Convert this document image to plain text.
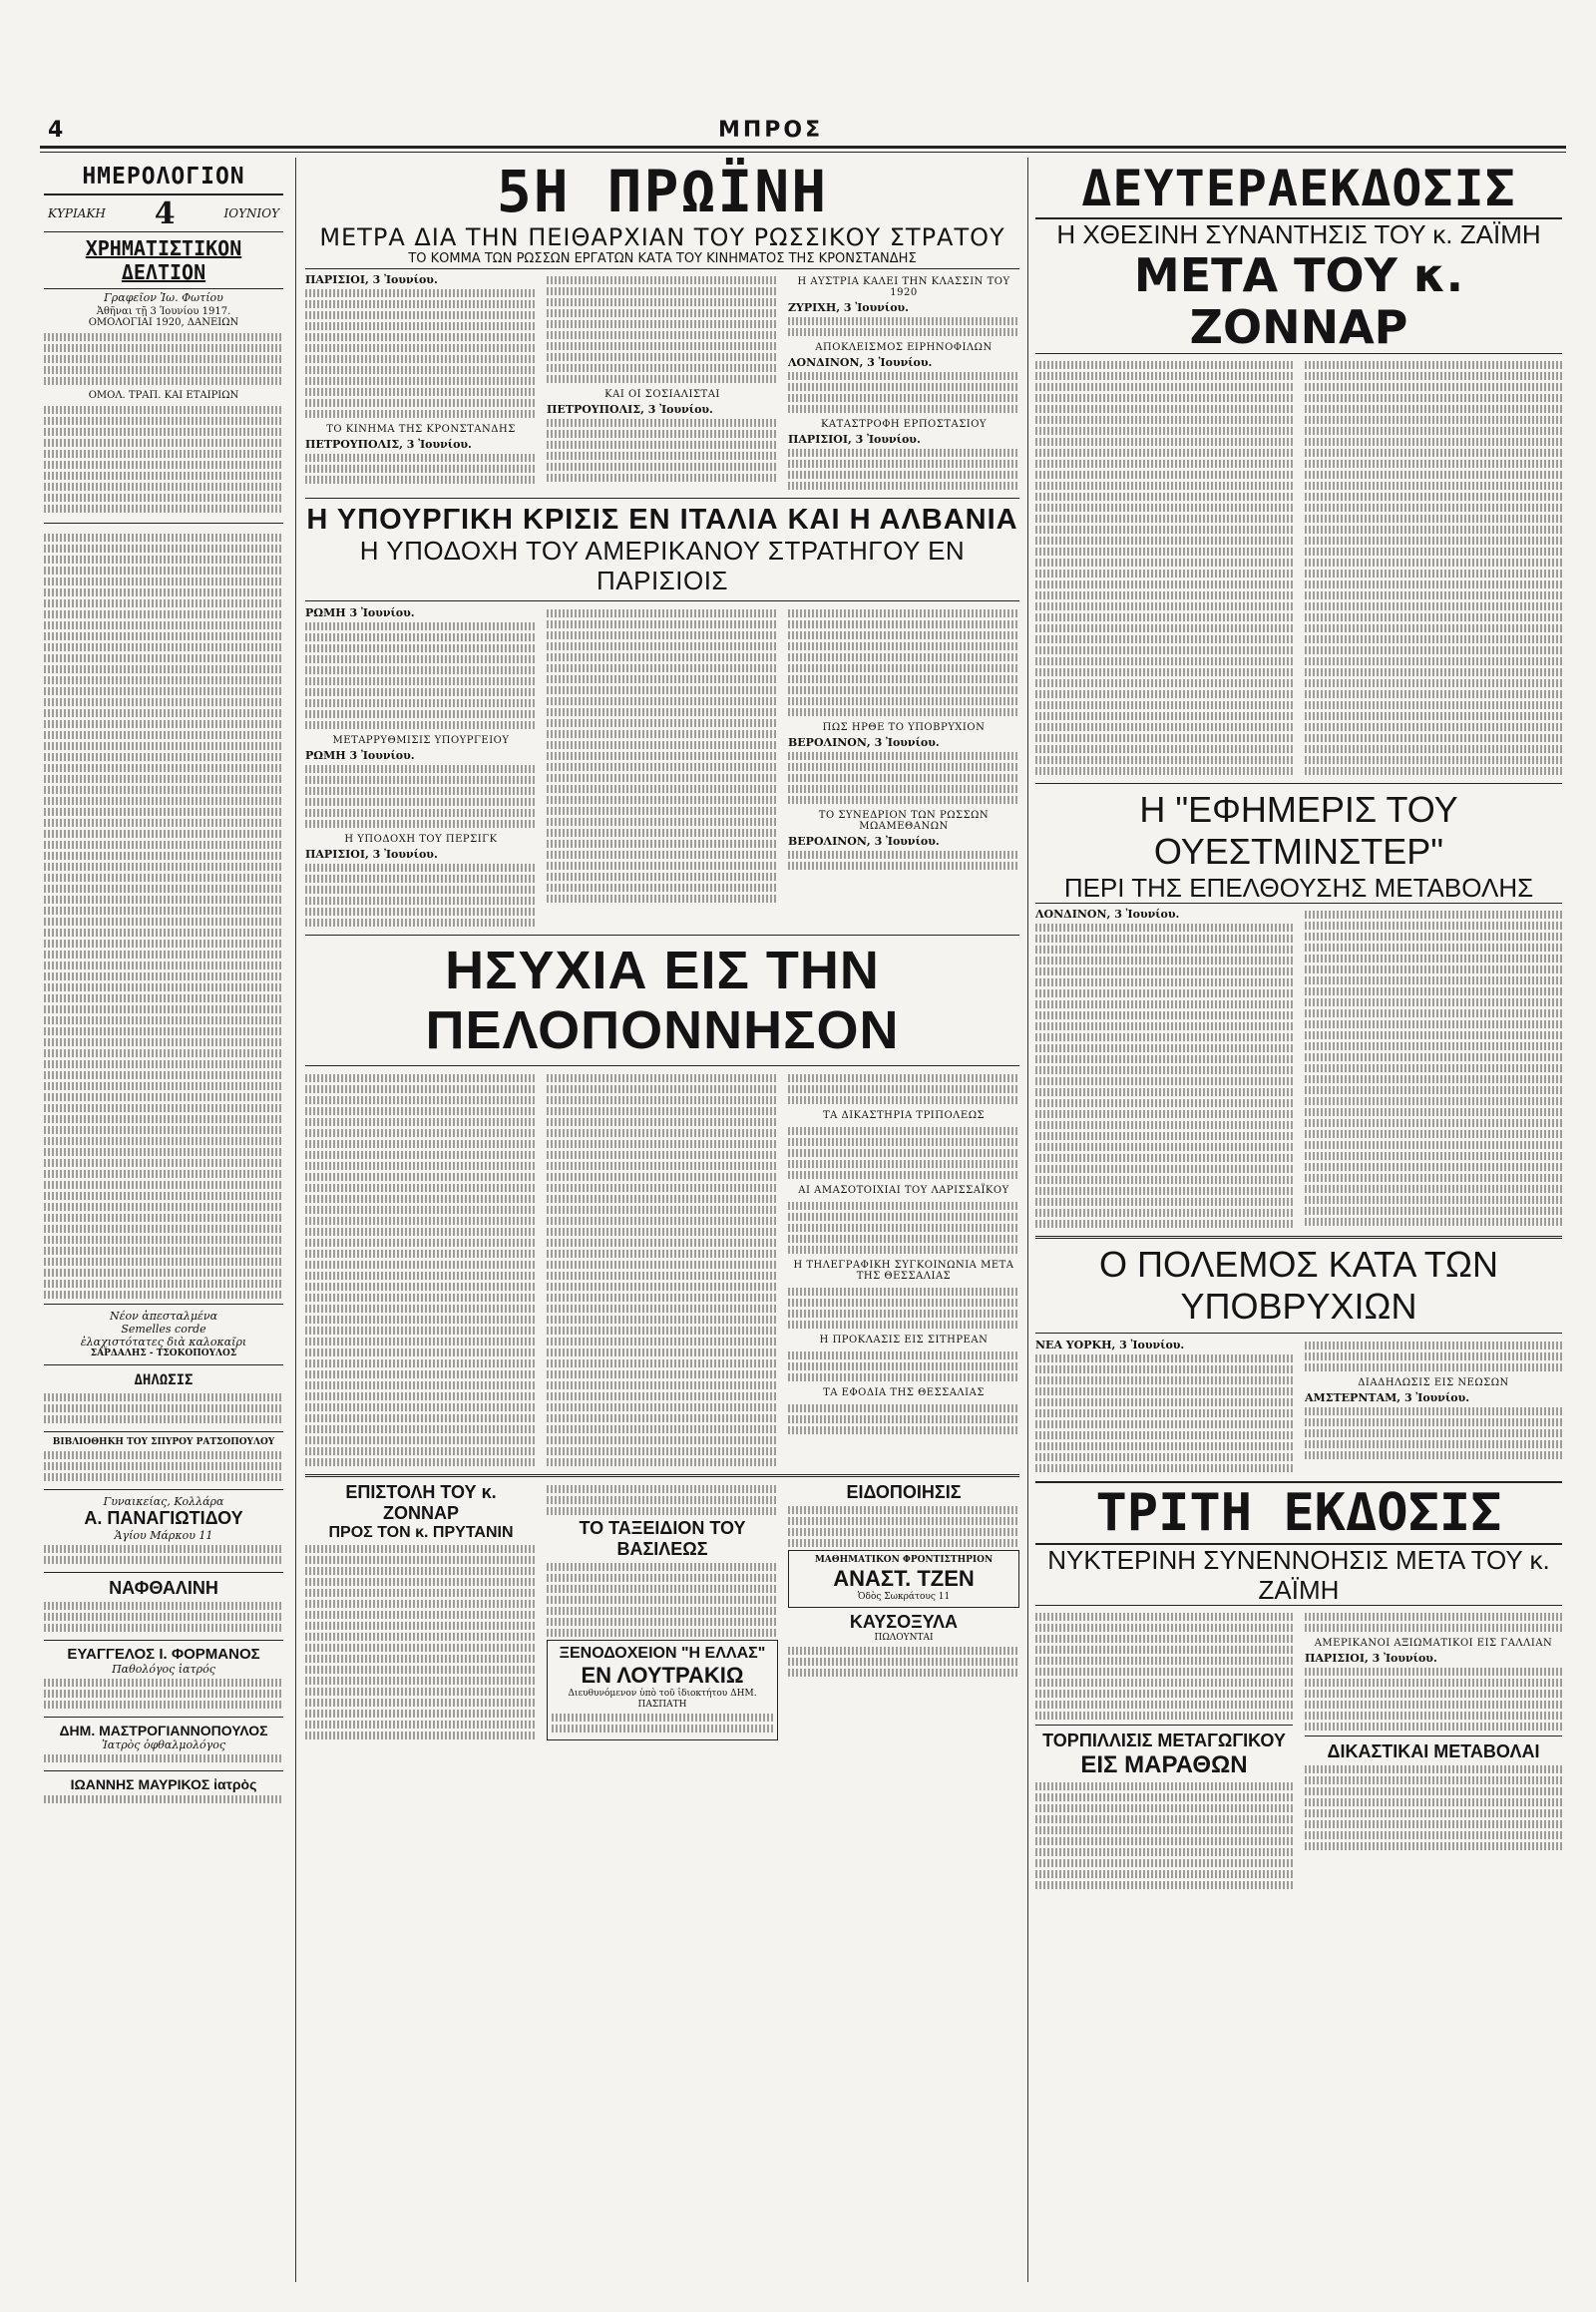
4	ΜΠΡΟΣ
ΗΜΕΡΟΛΟΓΙΟΝ
ΚΥΡΙΑΚΗ 4	ΙΟΥΝΙΟΥ
ΧΡΗΜΑΤΙΣΤΙΚΟΝ ΔΕΛΤΙΟΝ
Γραφεῖον Ἰω. Φωτίου
Ἀθῆναι τῇ 3 Ἰουνίου 1917.
ΟΜΟΛΟΓΙΑΙ 1920, ΔΑΝΕΙΩΝ
ΟΜΟΛ. ΤΡΑΠ. ΚΑΙ ΕΤΑΙΡΙΩΝ
Νέον ἀπεσταλμένα
Semelles corde
ἐλαχιστότατες διὰ καλοκαῖρι
ΣΑΡΔΑΛΗΣ - ΤΣΟΚΟΠΟΥΛΟΣ
ΔΗΛΩΣΙΣ
ΒΙΒΛΙΟΘΗΚΗ ΤΟΥ ΣΠΥΡΟΥ ΡΑΤΣΟΠΟΥΛΟΥ
Γυναικείας, Κολλάρα
Α. ΠΑΝΑΓΙΩΤΙΔΟΥ
Ἁγίου Μάρκου 11
ΝΑΦΘΑΛΙΝΗ
ΕΥΑΓΓΕΛΟΣ Ι. ΦΟΡΜΑΝΟΣ
Παθολόγος ἰατρός
ΔΗΜ. ΜΑΣΤΡΟΓΙΑΝΝΟΠΟΥΛΟΣ
Ἰατρὸς ὀφθαλμολόγος
ΙΩΑΝΝΗΣ ΜΑΥΡΙΚΟΣ ἰατρὸς
5Η ΠΡΩΪΝΗ
ΜΕΤΡΑ ΔΙΑ ΤΗΝ ΠΕΙΘΑΡΧΙΑΝ ΤΟΥ ΡΩΣΣΙΚΟΥ ΣΤΡΑΤΟΥ
ΤΟ ΚΟΜΜΑ ΤΩΝ ΡΩΣΣΩΝ ΕΡΓΑΤΩΝ ΚΑΤΑ ΤΟΥ ΚΙΝΗΜΑΤΟΣ ΤΗΣ ΚΡΟΝΣΤΑΝΔΗΣ
ΠΑΡΙΣΙΟΙ, 3 Ἰουνίου.
ΤΟ ΚΙΝΗΜΑ ΤΗΣ ΚΡΟΝΣΤΑΝΔΗΣ
ΠΕΤΡΟΥΠΟΛΙΣ, 3 Ἰουνίου.
ΚΑΙ ΟΙ ΣΟΣΙΑΛΙΣΤΑΙ
ΠΕΤΡΟΥΠΟΛΙΣ, 3 Ἰουνίου.
Η ΑΥΣΤΡΙΑ ΚΑΛΕΙ ΤΗΝ ΚΛΑΣΣΙΝ ΤΟΥ 1920
ΖΥΡΙΧΗ, 3 Ἰουνίου.
ΑΠΟΚΛΕΙΣΜΟΣ ΕΙΡΗΝΟΦΙΛΩΝ
ΛΟΝΔΙΝΟΝ, 3 Ἰουνίου.
ΚΑΤΑΣΤΡΟΦΗ ΕΡΠΟΣΤΑΣΙΟΥ
ΠΑΡΙΣΙΟΙ, 3 Ἰουνίου.
Η ΥΠΟΥΡΓΙΚΗ ΚΡΙΣΙΣ ΕΝ ΙΤΑΛΙΑ ΚΑΙ Η ΑΛΒΑΝΙΑ
Η ΥΠΟΔΟΧΗ ΤΟΥ ΑΜΕΡΙΚΑΝΟΥ ΣΤΡΑΤΗΓΟΥ ΕΝ ΠΑΡΙΣΙΟΙΣ
ΡΩΜΗ 3 Ἰουνίου.
ΜΕΤΑΡΡΥΘΜΙΣΙΣ ΥΠΟΥΡΓΕΙΟΥ
ΡΩΜΗ 3 Ἰουνίου.
Η ΥΠΟΔΟΧΗ ΤΟΥ ΠΕΡΣΙΓΚ
ΠΑΡΙΣΙΟΙ, 3 Ἰουνίου.
ΠΩΣ ΗΡΘΕ ΤΟ ΥΠΟΒΡΥΧΙΟΝ
ΒΕΡΟΛΙΝΟΝ, 3 Ἰουνίου.
ΤΟ ΣΥΝΕΔΡΙΟΝ ΤΩΝ ΡΩΣΣΩΝ ΜΩΑΜΕΘΑΝΩΝ
ΒΕΡΟΛΙΝΟΝ, 3 Ἰουνίου.
ΗΣΥΧΙΑ ΕΙΣ ΤΗΝ ΠΕΛΟΠΟΝΝΗΣΟΝ
ΤΑ ΔΙΚΑΣΤΗΡΙΑ ΤΡΙΠΟΛΕΩΣ
ΑΙ ΑΜΑΣΟΤΟΙΧΙΑΙ ΤΟΥ ΛΑΡΙΣΣΑΪΚΟΥ
Η ΤΗΛΕΓΡΑΦΙΚΗ ΣΥΓΚΟΙΝΩΝΙΑ ΜΕΤΑ ΤΗΣ ΘΕΣΣΑΛΙΑΣ
Η ΠΡΟΚΛΑΣΙΣ ΕΙΣ ΣΙΤΗΡΕΑΝ
ΤΑ ΕΦΟΔΙΑ ΤΗΣ ΘΕΣΣΑΛΙΑΣ
ΕΠΙΣΤΟΛΗ ΤΟΥ κ. ΖΟΝΝΑΡ
ΠΡΟΣ ΤΟΝ κ. ΠΡΥΤΑΝΙΝ	ΤΟ ΤΑΞΕΙΔΙΟΝ ΤΟΥ ΒΑΣΙΛΕΩΣ
ΞΕΝΟΔΟΧΕΙΟΝ "Η ΕΛΛΑΣ"
ΕΝ ΛΟΥΤΡΑΚΙΩ
Διευθυνόμενον ὑπὸ τοῦ ἰδιοκτήτου ΔΗΜ. ΠΑΣΠΑΤΗ
ΕΙΔΟΠΟΙΗΣΙΣ
ΜΑΘΗΜΑΤΙΚΟΝ ΦΡΟΝΤΙΣΤΗΡΙΟΝ
ΑΝΑΣΤ. ΤΖΕΝ
Ὁδὸς Σωκράτους 11
ΚΑΥΣΟΞΥΛΑ
ΠΩΛΟΥΝΤΑΙ
ΔΕΥΤΕΡΑΕΚΔΟΣΙΣ
Η ΧΘΕΣΙΝΗ ΣΥΝΑΝΤΗΣΙΣ ΤΟΥ κ. ΖΑΪΜΗ
ΜΕΤΑ ΤΟΥ κ. ΖΟΝΝΑΡ
Η "ΕΦΗΜΕΡΙΣ ΤΟΥ ΟΥΕΣΤΜΙΝΣΤΕΡ"
ΠΕΡΙ ΤΗΣ ΕΠΕΛΘΟΥΣΗΣ ΜΕΤΑΒΟΛΗΣ
ΛΟΝΔΙΝΟΝ, 3 Ἰουνίου.
Ο ΠΟΛΕΜΟΣ ΚΑΤΑ ΤΩΝ ΥΠΟΒΡΥΧΙΩΝ
ΝΕΑ ΥΟΡΚΗ, 3 Ἰουνίου.
ΔΙΑΔΗΛΩΣΙΣ ΕΙΣ ΝΕΩΣΩΝ
ΑΜΣΤΕΡΝΤΑΜ, 3 Ἰουνίου.
ΤΡΙΤΗ ΕΚΔΟΣΙΣ
ΝΥΚΤΕΡΙΝΗ ΣΥΝΕΝΝΟΗΣΙΣ ΜΕΤΑ ΤΟΥ κ. ΖΑΪΜΗ
ΤΟΡΠΙΛΛΙΣΙΣ ΜΕΤΑΓΩΓΙΚΟΥ
ΕΙΣ ΜΑΡΑΘΩΝ
ΑΜΕΡΙΚΑΝΟΙ ΑΞΙΩΜΑΤΙΚΟΙ ΕΙΣ ΓΑΛΛΙΑΝ
ΠΑΡΙΣΙΟΙ, 3 Ἰουνίου.
ΔΙΚΑΣΤΙΚΑΙ ΜΕΤΑΒΟΛΑΙ
